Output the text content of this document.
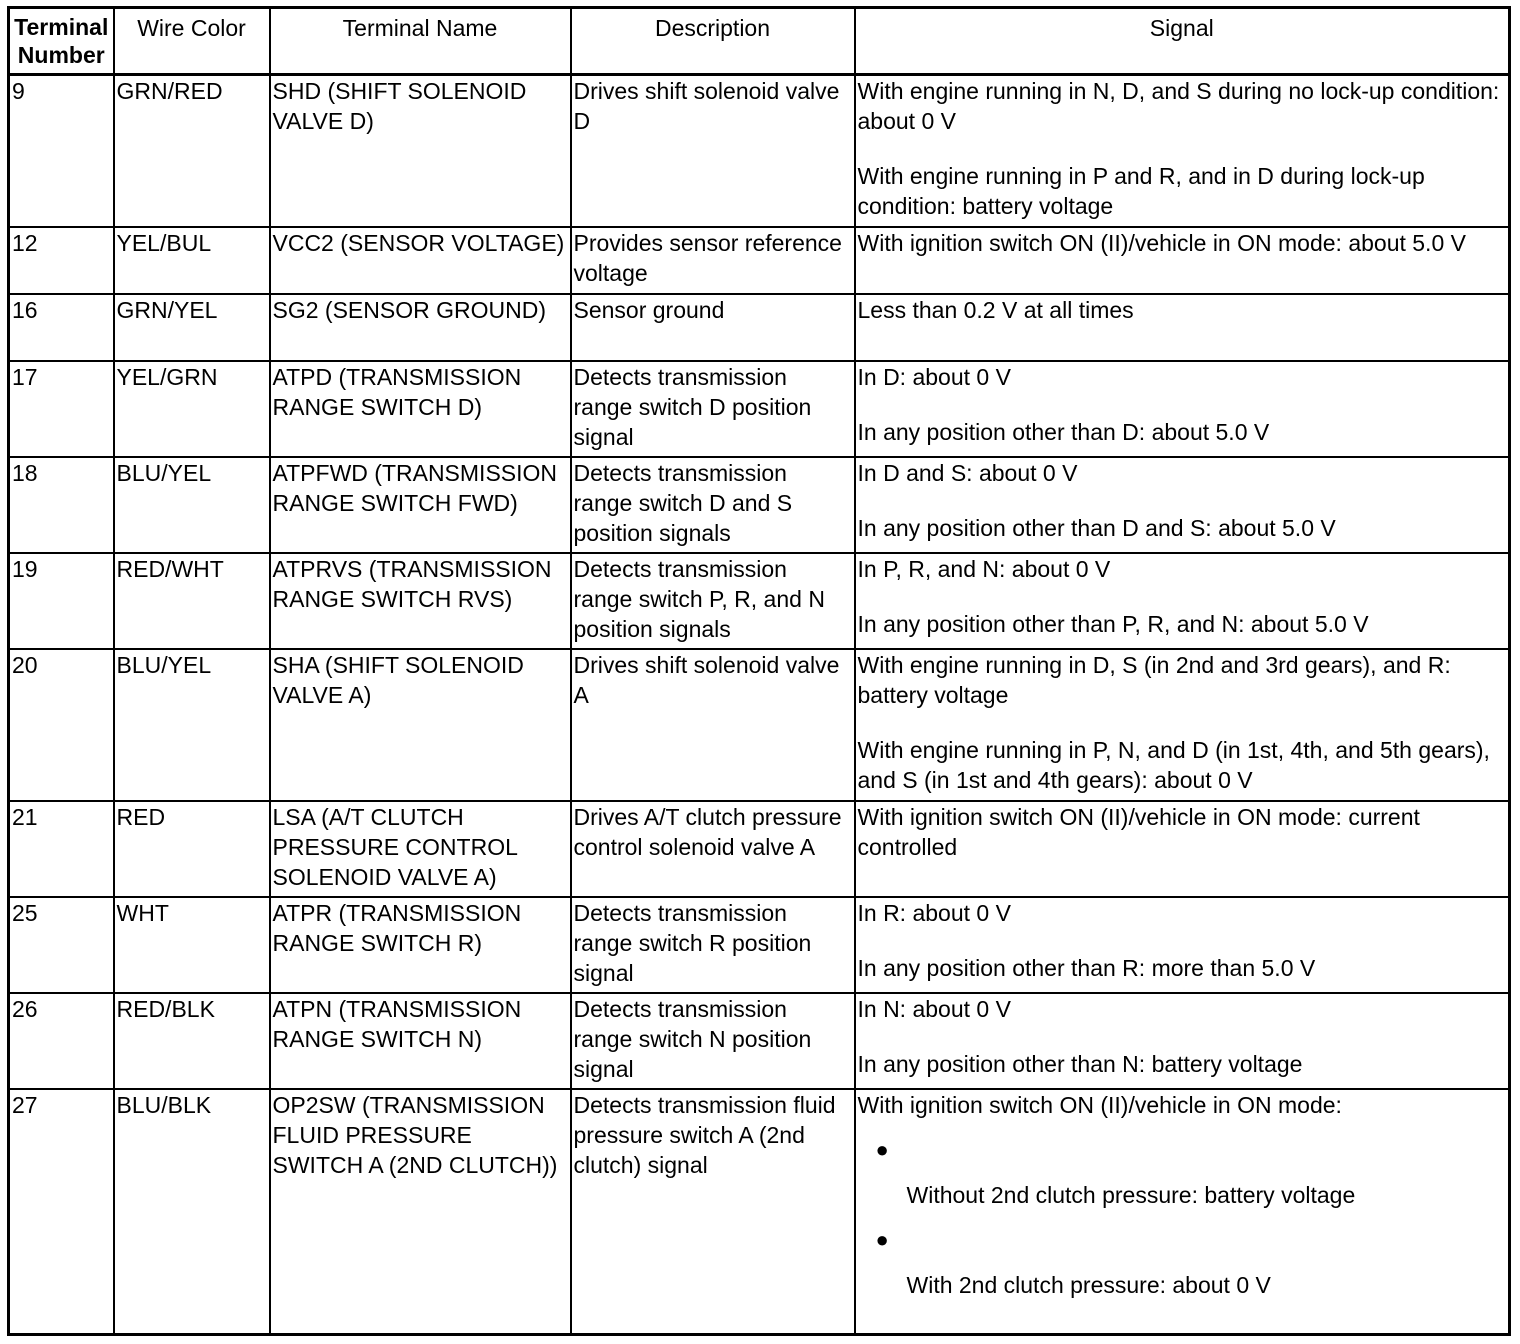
Terminal Number	Wire Color	Terminal Name	Description	Signal
9	GRN/RED	SHD (SHIFT SOLENOID VALVE D)	Drives shift solenoid valve D	With engine running in N, D, and S during no lock-up condition: about 0 V

With engine running in P and R, and in D during lock-up condition: battery voltage

12	YEL/BUL	VCC2 (SENSOR VOLTAGE)	Provides sensor reference voltage	With ignition switch ON (II)/vehicle in ON mode: about 5.0 V

16	GRN/YEL	SG2 (SENSOR GROUND)	Sensor ground	Less than 0.2 V at all times

17	YEL/GRN	ATPD (TRANSMISSION RANGE SWITCH D)	Detects transmission range switch D position signal	In D: about 0 V

In any position other than D: about 5.0 V

18	BLU/YEL	ATPFWD (TRANSMISSION RANGE SWITCH FWD)	Detects transmission range switch D and S position signals	In D and S: about 0 V

In any position other than D and S: about 5.0 V

19	RED/WHT	ATPRVS (TRANSMISSION RANGE SWITCH RVS)	Detects transmission range switch P, R, and N position signals	In P, R, and N: about 0 V

In any position other than P, R, and N: about 5.0 V

20	BLU/YEL	SHA (SHIFT SOLENOID VALVE A)	Drives shift solenoid valve A	With engine running in D, S (in 2nd and 3rd gears), and R: battery voltage

With engine running in P, N, and D (in 1st, 4th, and 5th gears), and S (in 1st and 4th gears): about 0 V

21	RED	LSA (A/T CLUTCH PRESSURE CONTROL SOLENOID VALVE A)	Drives A/T clutch pressure control solenoid valve A	With ignition switch ON (II)/vehicle in ON mode: current controlled

25	WHT	ATPR (TRANSMISSION RANGE SWITCH R)	Detects transmission range switch R position signal	In R: about 0 V

In any position other than R: more than 5.0 V

26	RED/BLK	ATPN (TRANSMISSION RANGE SWITCH N)	Detects transmission range switch N position signal	In N: about 0 V

In any position other than N: battery voltage

27	BLU/BLK	OP2SW (TRANSMISSION FLUID PRESSURE SWITCH A (2ND CLUTCH))	Detects transmission fluid pressure switch A (2nd clutch) signal	With ignition switch ON (II)/vehicle in ON mode:

●
Without 2nd clutch pressure: battery voltage
●
With 2nd clutch pressure: about 0 V
